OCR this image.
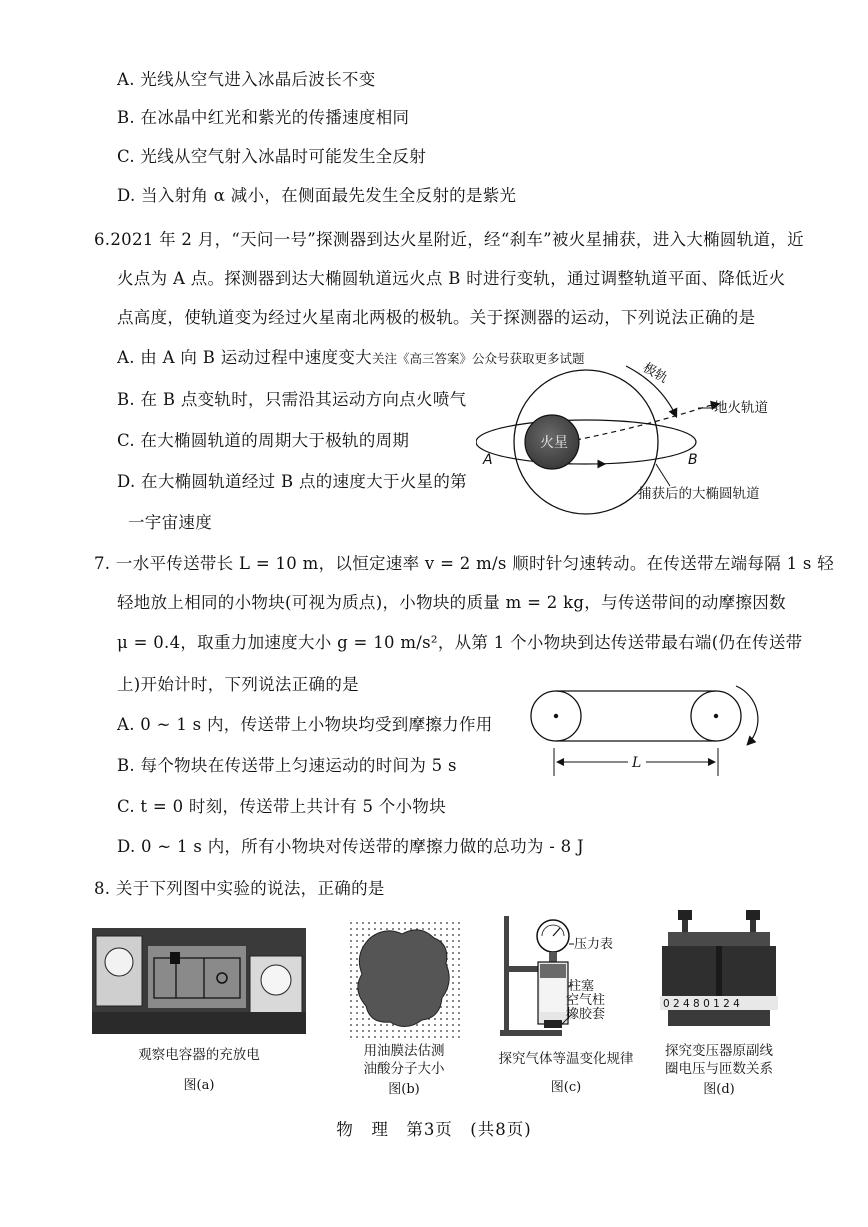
A. 光线从空气进入冰晶后波长不变
B. 在冰晶中红光和紫光的传播速度相同
C. 光线从空气射入冰晶时可能发生全反射
D. 当入射角 α 减小，在侧面最先发生全反射的是紫光
6.2021 年 2 月，“天问一号”探测器到达火星附近，经“刹车”被火星捕获，进入大椭圆轨道，近
火点为 A 点。探测器到达大椭圆轨道远火点 B 时进行变轨，通过调整轨道平面、降低近火
点高度，使轨道变为经过火星南北两极的极轨。关于探测器的运动，下列说法正确的是
A. 由 A 向 B 运动过程中速度变大关注《高三答案》公众号获取更多试题
B. 在 B 点变轨时，只需沿其运动方向点火喷气
C. 在大椭圆轨道的周期大于极轨的周期
D. 在大椭圆轨道经过 B 点的速度大于火星的第
一宇宙速度
火星
A	B
极轨
地火轨道
捕获后的大椭圆轨道
7. 一水平传送带长 L = 10 m，以恒定速率 v = 2 m/s 顺时针匀速转动。在传送带左端每隔 1 s 轻
轻地放上相同的小物块(可视为质点)，小物块的质量 m = 2 kg，与传送带间的动摩擦因数
μ = 0.4，取重力加速度大小 g = 10 m/s²，从第 1 个小物块到达传送带最右端(仍在传送带
上)开始计时，下列说法正确的是
A. 0 ~ 1 s 内，传送带上小物块均受到摩擦力作用
B. 每个物块在传送带上匀速运动的时间为 5 s
C. t = 0 时刻，传送带上共计有 5 个小物块
D. 0 ~ 1 s 内，所有小物块对传送带的摩擦力做的总功为 - 8 J
L
8. 关于下列图中实验的说法，正确的是
观察电容器的充放电
图(a)
用油膜法估测
油酸分子大小
图(b)
压力表
柱塞
空气柱
橡胶套
探究气体等温变化规律
图(c)
0 2 4 8 0 1 2 4
探究变压器原副线
圈电压与匝数关系
图(d)
物　理　第3页　(共8页)
